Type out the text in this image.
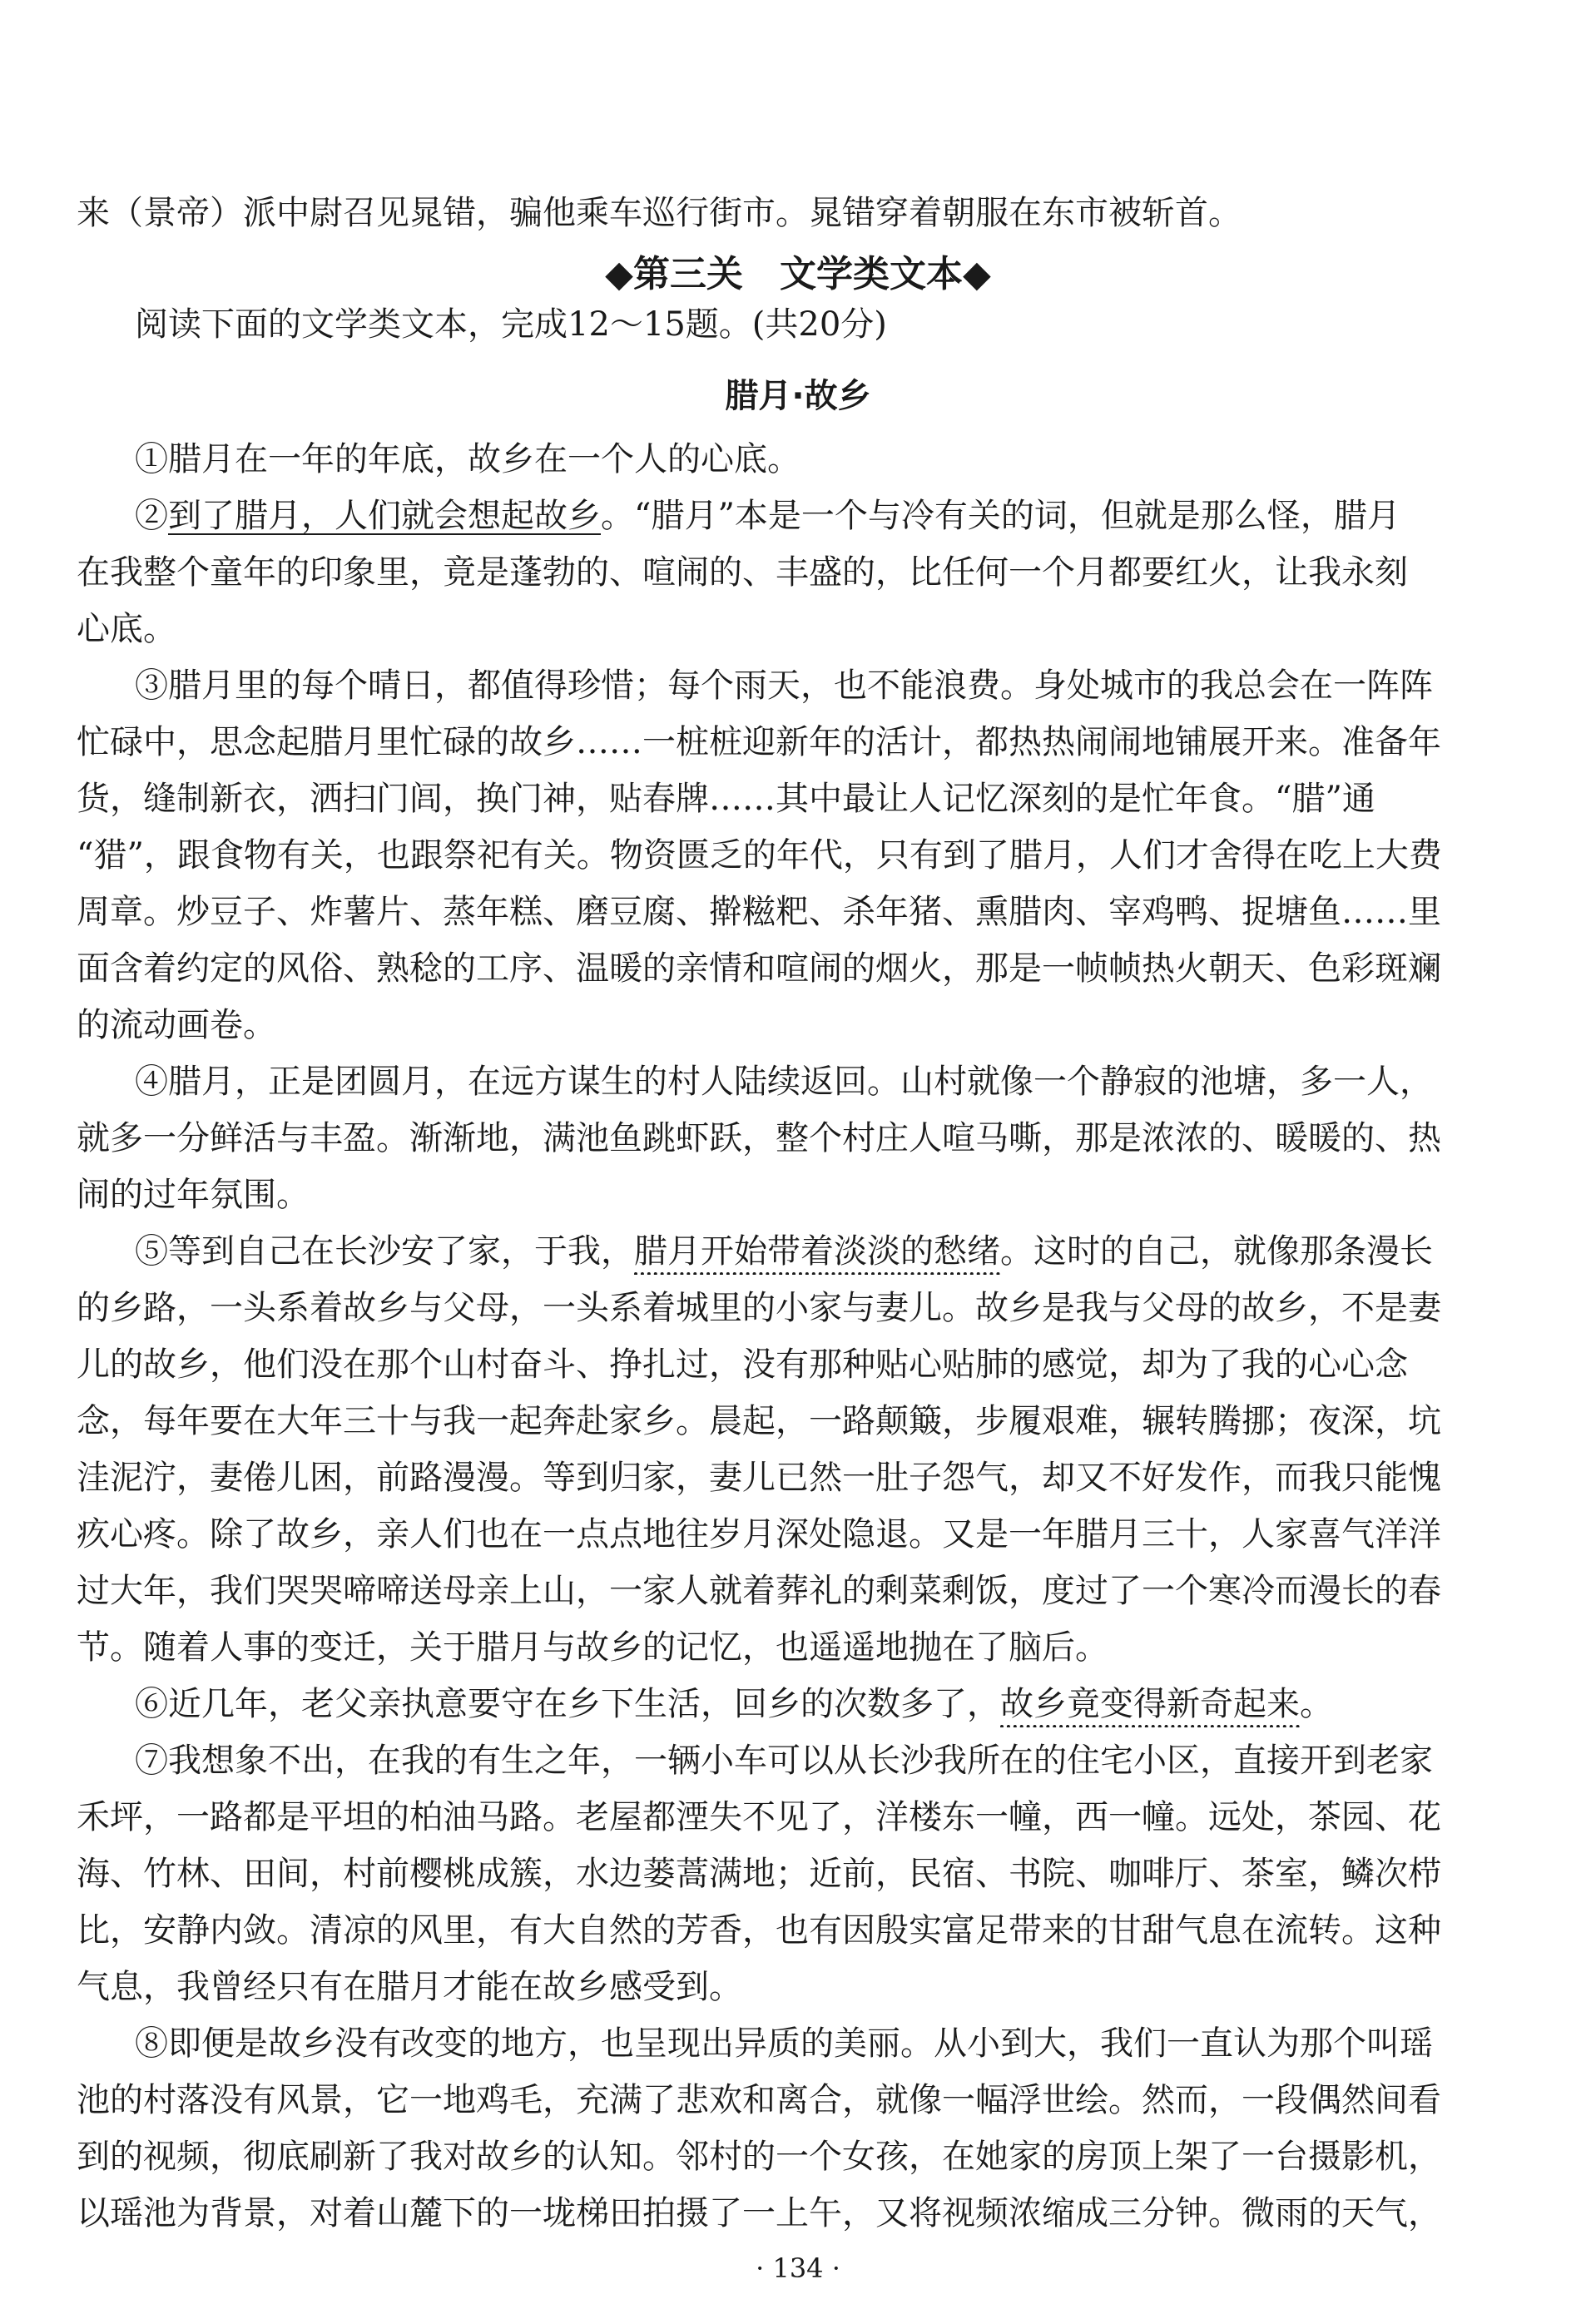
来（景帝）派中尉召见晁错，骗他乘车巡行街市。晁错穿着朝服在东市被斩首。
◆第三关　文学类文本◆
阅读下面的文学类文本，完成12～15题。(共20分)
腊月·故乡
①腊月在一年的年底，故乡在一个人的心底。
②到了腊月，人们就会想起故乡。“腊月”本是一个与冷有关的词，但就是那么怪，腊月
在我整个童年的印象里，竟是蓬勃的、喧闹的、丰盛的，比任何一个月都要红火，让我永刻
心底。
③腊月里的每个晴日，都值得珍惜；每个雨天，也不能浪费。身处城市的我总会在一阵阵
忙碌中，思念起腊月里忙碌的故乡……一桩桩迎新年的活计，都热热闹闹地铺展开来。准备年
货，缝制新衣，洒扫门闾，换门神，贴春牌……其中最让人记忆深刻的是忙年食。“腊”通
“猎”，跟食物有关，也跟祭祀有关。物资匮乏的年代，只有到了腊月，人们才舍得在吃上大费
周章。炒豆子、炸薯片、蒸年糕、磨豆腐、擀糍粑、杀年猪、熏腊肉、宰鸡鸭、捉塘鱼……里
面含着约定的风俗、熟稔的工序、温暖的亲情和喧闹的烟火，那是一帧帧热火朝天、色彩斑斓
的流动画卷。
④腊月，正是团圆月，在远方谋生的村人陆续返回。山村就像一个静寂的池塘，多一人，
就多一分鲜活与丰盈。渐渐地，满池鱼跳虾跃，整个村庄人喧马嘶，那是浓浓的、暖暖的、热
闹的过年氛围。
⑤等到自己在长沙安了家，于我，腊月开始带着淡淡的愁绪。这时的自己，就像那条漫长
的乡路，一头系着故乡与父母，一头系着城里的小家与妻儿。故乡是我与父母的故乡，不是妻
儿的故乡，他们没在那个山村奋斗、挣扎过，没有那种贴心贴肺的感觉，却为了我的心心念
念，每年要在大年三十与我一起奔赴家乡。晨起，一路颠簸，步履艰难，辗转腾挪；夜深，坑
洼泥泞，妻倦儿困，前路漫漫。等到归家，妻儿已然一肚子怨气，却又不好发作，而我只能愧
疚心疼。除了故乡，亲人们也在一点点地往岁月深处隐退。又是一年腊月三十，人家喜气洋洋
过大年，我们哭哭啼啼送母亲上山，一家人就着葬礼的剩菜剩饭，度过了一个寒冷而漫长的春
节。随着人事的变迁，关于腊月与故乡的记忆，也遥遥地抛在了脑后。
⑥近几年，老父亲执意要守在乡下生活，回乡的次数多了，故乡竟变得新奇起来。
⑦我想象不出，在我的有生之年，一辆小车可以从长沙我所在的住宅小区，直接开到老家
禾坪，一路都是平坦的柏油马路。老屋都湮失不见了，洋楼东一幢，西一幢。远处，茶园、花
海、竹林、田间，村前樱桃成簇，水边蒌蒿满地；近前，民宿、书院、咖啡厅、茶室，鳞次栉
比，安静内敛。清凉的风里，有大自然的芳香，也有因殷实富足带来的甘甜气息在流转。这种
气息，我曾经只有在腊月才能在故乡感受到。
⑧即便是故乡没有改变的地方，也呈现出异质的美丽。从小到大，我们一直认为那个叫瑶
池的村落没有风景，它一地鸡毛，充满了悲欢和离合，就像一幅浮世绘。然而，一段偶然间看
到的视频，彻底刷新了我对故乡的认知。邻村的一个女孩，在她家的房顶上架了一台摄影机，
以瑶池为背景，对着山麓下的一垅梯田拍摄了一上午，又将视频浓缩成三分钟。微雨的天气，
· 134 ·
